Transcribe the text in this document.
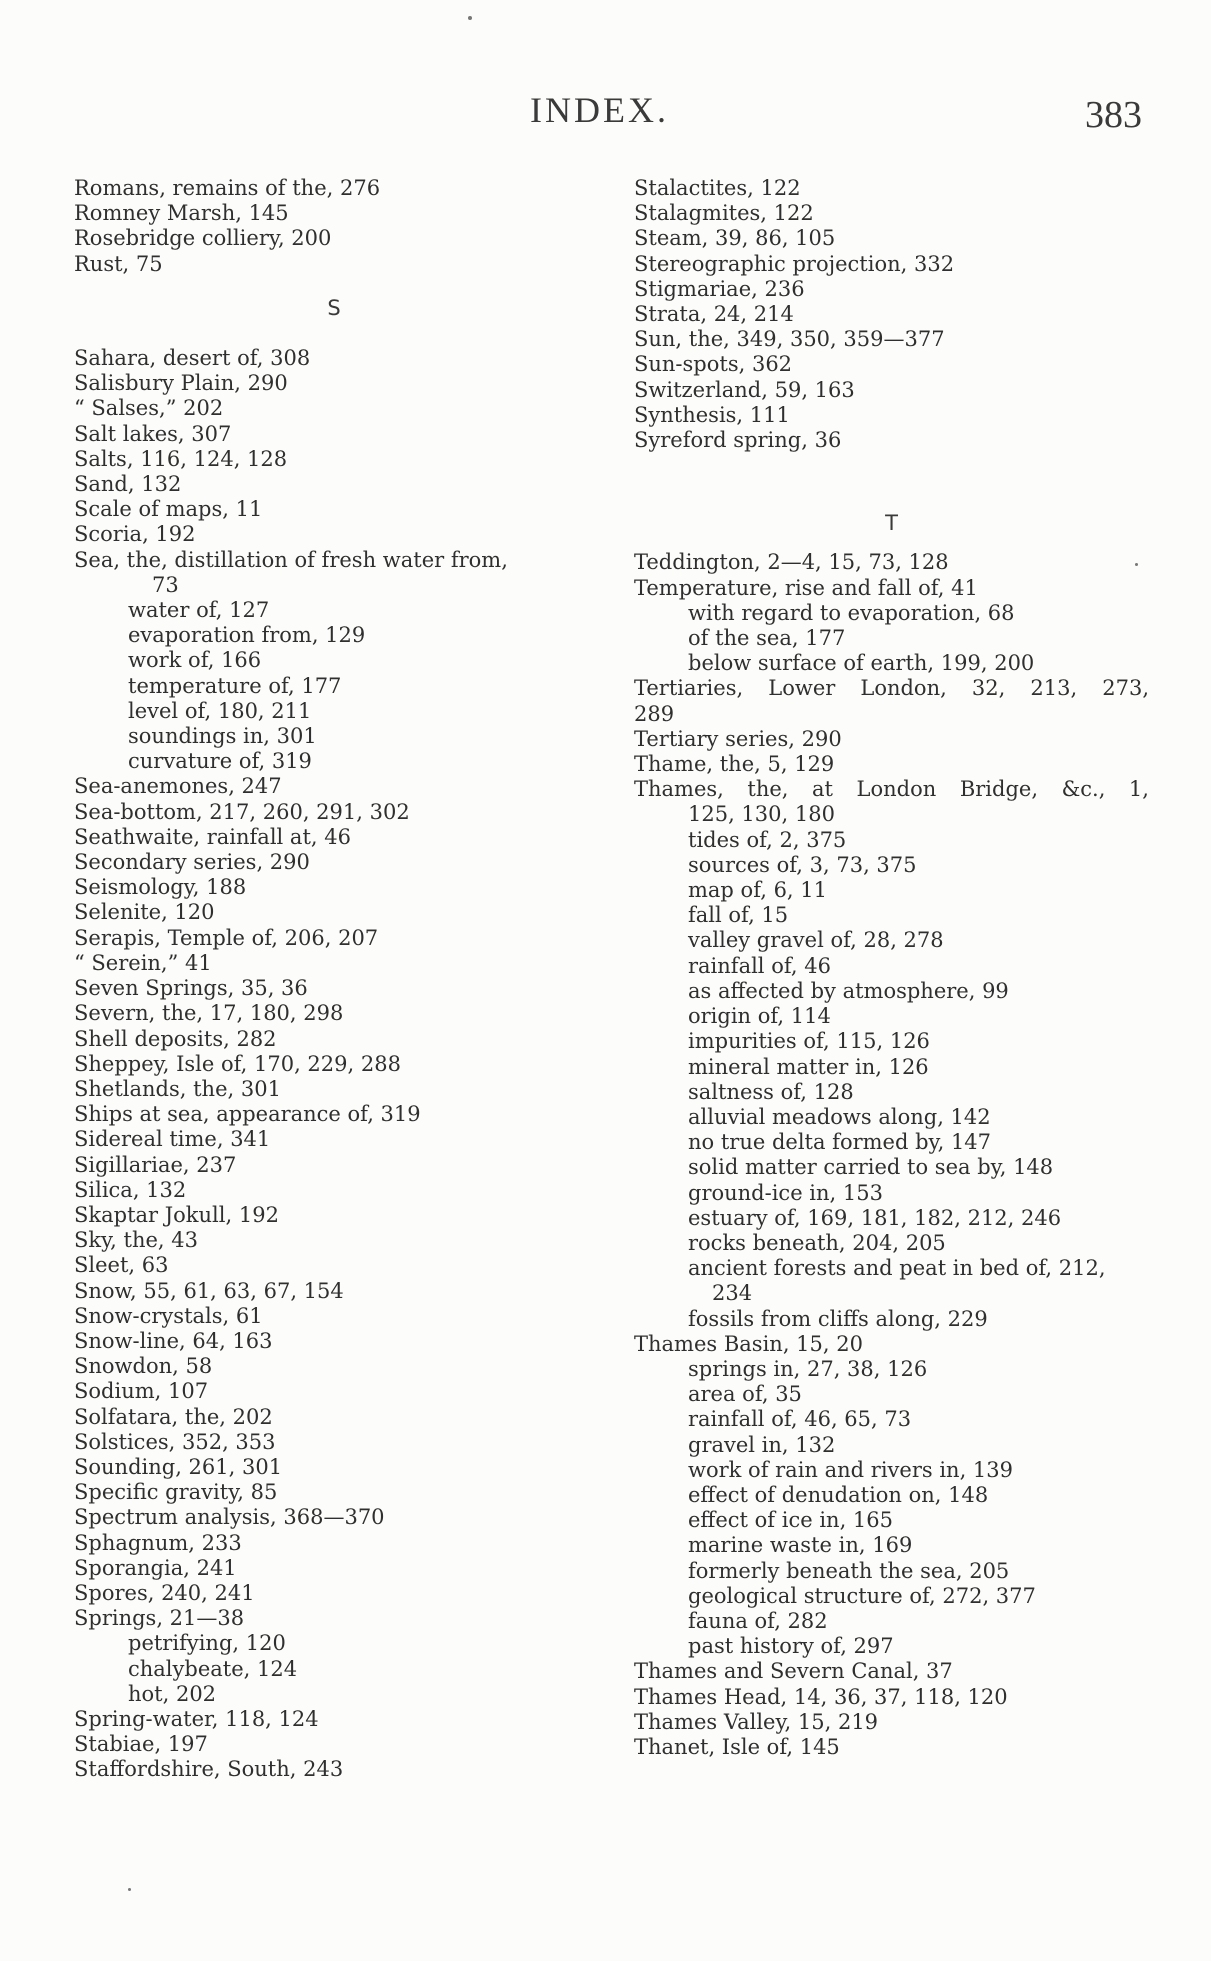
INDEX.	383
Romans, remains of the, 276
Romney Marsh, 145
Rosebridge colliery, 200
Rust, 75
S
Sahara, desert of, 308
Salisbury Plain, 290
“ Salses,” 202
Salt lakes, 307
Salts, 116, 124, 128
Sand, 132
Scale of maps, 11
Scoria, 192
Sea, the, distillation of fresh water from,
73
water of, 127
evaporation from, 129
work of, 166
temperature of, 177
level of, 180, 211
soundings in, 301
curvature of, 319
Sea-anemones, 247
Sea-bottom, 217, 260, 291, 302
Seathwaite, rainfall at, 46
Secondary series, 290
Seismology, 188
Selenite, 120
Serapis, Temple of, 206, 207
“ Serein,” 41
Seven Springs, 35, 36
Severn, the, 17, 180, 298
Shell deposits, 282
Sheppey, Isle of, 170, 229, 288
Shetlands, the, 301
Ships at sea, appearance of, 319
Sidereal time, 341
Sigillariae, 237
Silica, 132
Skaptar Jokull, 192
Sky, the, 43
Sleet, 63
Snow, 55, 61, 63, 67, 154
Snow-crystals, 61
Snow-line, 64, 163
Snowdon, 58
Sodium, 107
Solfatara, the, 202
Solstices, 352, 353
Sounding, 261, 301
Specific gravity, 85
Spectrum analysis, 368—370
Sphagnum, 233
Sporangia, 241
Spores, 240, 241
Springs, 21—38
petrifying, 120
chalybeate, 124
hot, 202
Spring-water, 118, 124
Stabiae, 197
Staffordshire, South, 243
Stalactites, 122
Stalagmites, 122
Steam, 39, 86, 105
Stereographic projection, 332
Stigmariae, 236
Strata, 24, 214
Sun, the, 349, 350, 359—377
Sun-spots, 362
Switzerland, 59, 163
Synthesis, 111
Syreford spring, 36
T
Teddington, 2—4, 15, 73, 128
Temperature, rise and fall of, 41
with regard to evaporation, 68
of the sea, 177
below surface of earth, 199, 200
Tertiaries, Lower London, 32, 213, 273,
289
Tertiary series, 290
Thame, the, 5, 129
Thames, the, at London Bridge, &c., 1,
125, 130, 180
tides of, 2, 375
sources of, 3, 73, 375
map of, 6, 11
fall of, 15
valley gravel of, 28, 278
rainfall of, 46
as affected by atmosphere, 99
origin of, 114
impurities of, 115, 126
mineral matter in, 126
saltness of, 128
alluvial meadows along, 142
no true delta formed by, 147
solid matter carried to sea by, 148
ground-ice in, 153
estuary of, 169, 181, 182, 212, 246
rocks beneath, 204, 205
ancient forests and peat in bed of, 212,
234
fossils from cliffs along, 229
Thames Basin, 15, 20
springs in, 27, 38, 126
area of, 35
rainfall of, 46, 65, 73
gravel in, 132
work of rain and rivers in, 139
effect of denudation on, 148
effect of ice in, 165
marine waste in, 169
formerly beneath the sea, 205
geological structure of, 272, 377
fauna of, 282
past history of, 297
Thames and Severn Canal, 37
Thames Head, 14, 36, 37, 118, 120
Thames Valley, 15, 219
Thanet, Isle of, 145
